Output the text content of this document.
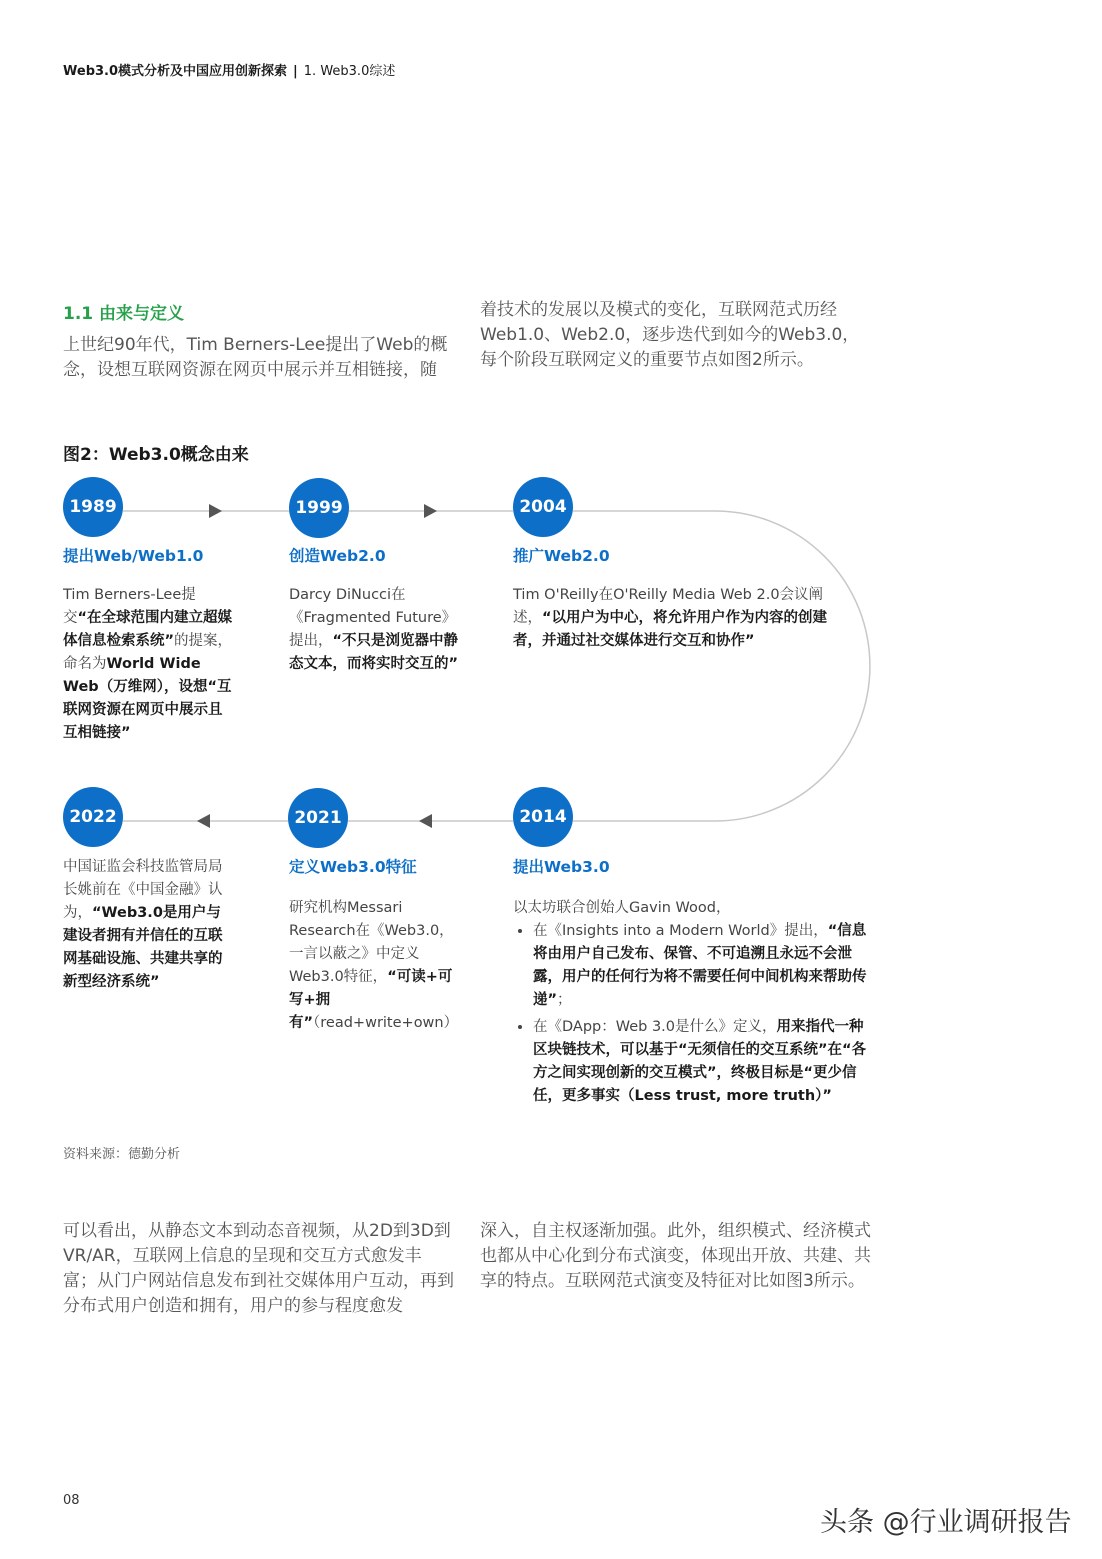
Web3.0模式分析及中国应用创新探索 | 1. Web3.0综述
1.1 由来与定义
上世纪90年代，Tim Berners-Lee提出了Web的概念，设想互联网资源在网页中展示并互相链接，随
着技术的发展以及模式的变化，互联网范式历经Web1.0、Web2.0，逐步迭代到如今的Web3.0，每个阶段互联网定义的重要节点如图2所示。
图2：Web3.0概念由来
1989
提出Web/Web1.0
Tim Berners-Lee提交“在全球范围内建立超媒体信息检索系统”的提案，命名为World Wide Web（万维网），设想“互联网资源在网页中展示且互相链接”
1999
创造Web2.0
Darcy DiNucci在《Fragmented Future》提出，“不只是浏览器中静态文本，而将实时交互的”
2004
推广Web2.0
Tim O'Reilly在O'Reilly Media Web 2.0会议阐述，“以用户为中心，将允许用户作为内容的创建者，并通过社交媒体进行交互和协作”
2014
提出Web3.0
以太坊联合创始人Gavin Wood，
• 在《Insights into a Modern World》提出，“信息将由用户自己发布、保管、不可追溯且永远不会泄露，用户的任何行为将不需要任何中间机构来帮助传递”；
• 在《DApp：Web 3.0是什么》定义，用来指代一种区块链技术，可以基于“无须信任的交互系统”在“各方之间实现创新的交互模式”，终极目标是“更少信任，更多事实（Less trust, more truth）”
2021
定义Web3.0特征
研究机构Messari Research在《Web3.0，一言以蔽之》中定义Web3.0特征，“可读+可写+拥有”（read+write+own）
2022
中国证监会科技监管局局长姚前在《中国金融》认为，“Web3.0是用户与建设者拥有并信任的互联网基础设施、共建共享的新型经济系统”
资料来源：德勤分析
可以看出，从静态文本到动态音视频，从2D到3D到VR/AR，互联网上信息的呈现和交互方式愈发丰富；从门户网站信息发布到社交媒体用户互动，再到分布式用户创造和拥有，用户的参与程度愈发
深入，自主权逐渐加强。此外，组织模式、经济模式也都从中心化到分布式演变，体现出开放、共建、共享的特点。互联网范式演变及特征对比如图3所示。
08
头条 @行业调研报告
